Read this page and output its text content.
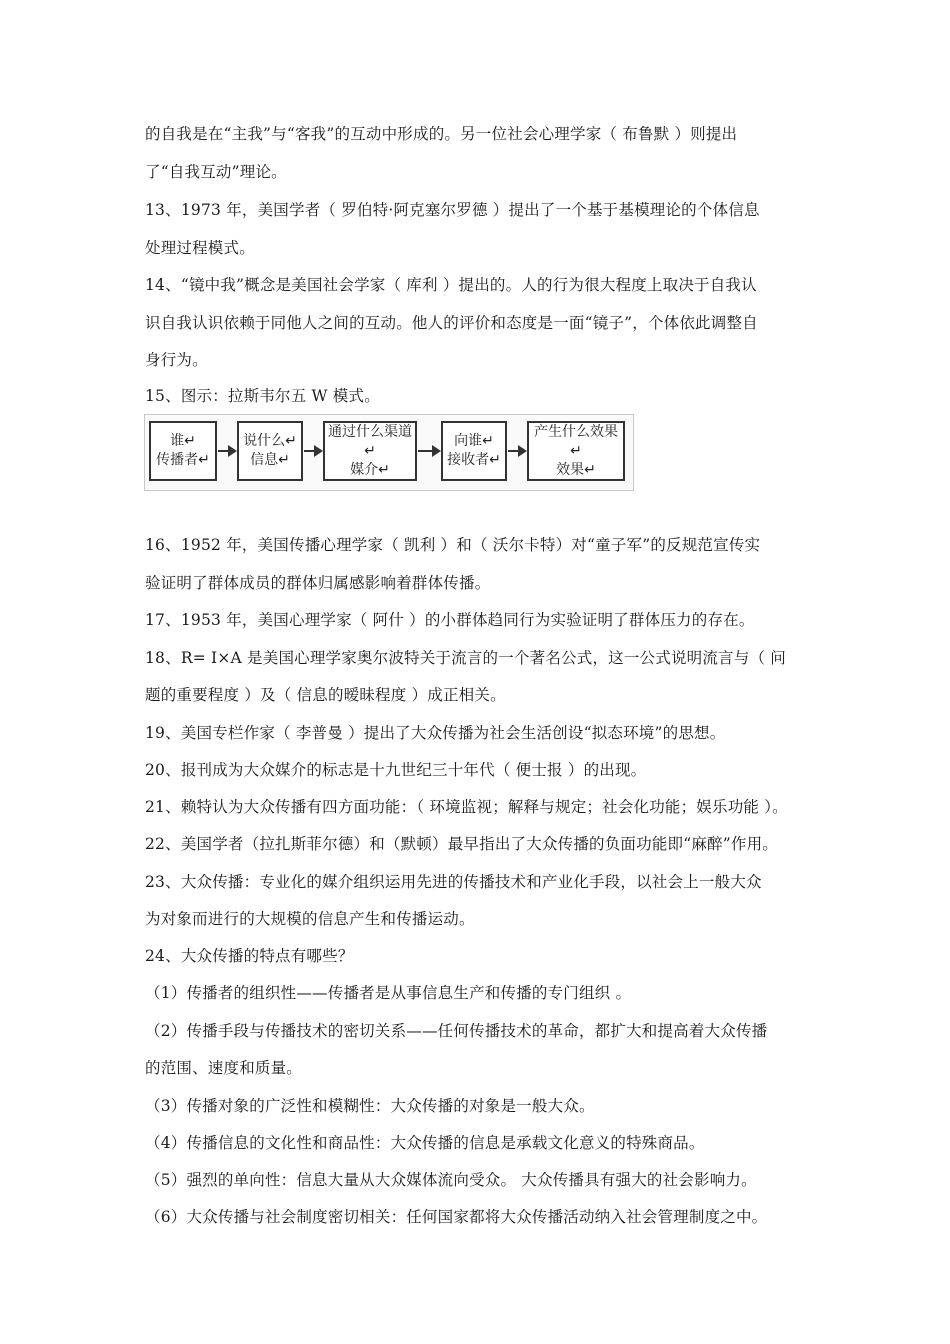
的自我是在“主我”与“客我”的互动中形成的。另一位社会心理学家（ 布鲁默 ）则提出
了“自我互动”理论。
13、1973 年，美国学者（ 罗伯特·阿克塞尔罗德 ）提出了一个基于基模理论的个体信息
处理过程模式。
14、“镜中我”概念是美国社会学家（ 库利 ）提出的。人的行为很大程度上取决于自我认
识自我认识依赖于同他人之间的互动。他人的评价和态度是一面“镜子”，个体依此调整自
身行为。
15、图示：拉斯韦尔五 W 模式。
谁↵
传播者↵
说什么↵
信息↵
通过什么渠道↵
媒介↵
向谁↵
接收者↵
产生什么效果↵
效果↵
16、1952 年，美国传播心理学家（ 凯利 ）和（ 沃尔卡特）对“童子军”的反规范宣传实
验证明了群体成员的群体归属感影响着群体传播。
17、1953 年，美国心理学家（ 阿什 ）的小群体趋同行为实验证明了群体压力的存在。
18、R= I×A 是美国心理学家奥尔波特关于流言的一个著名公式，这一公式说明流言与（ 问
题的重要程度 ）及（ 信息的暧昧程度 ）成正相关。
19、美国专栏作家（ 李普曼 ）提出了大众传播为社会生活创设“拟态环境”的思想。
20、报刊成为大众媒介的标志是十九世纪三十年代（ 便士报 ）的出现。
21、赖特认为大众传播有四方面功能：（ 环境监视；解释与规定；社会化功能；娱乐功能 ）。
22、美国学者（拉扎斯菲尔德）和（默顿）最早指出了大众传播的负面功能即“麻醉”作用。
23、大众传播：专业化的媒介组织运用先进的传播技术和产业化手段，以社会上一般大众
为对象而进行的大规模的信息产生和传播运动。
24、大众传播的特点有哪些？
（1）传播者的组织性——传播者是从事信息生产和传播的专门组织 。
（2）传播手段与传播技术的密切关系——任何传播技术的革命，都扩大和提高着大众传播
的范围、速度和质量。
（3）传播对象的广泛性和模糊性：大众传播的对象是一般大众。
（4）传播信息的文化性和商品性：大众传播的信息是承载文化意义的特殊商品。
（5）强烈的单向性：信息大量从大众媒体流向受众。 大众传播具有强大的社会影响力。
（6）大众传播与社会制度密切相关：任何国家都将大众传播活动纳入社会管理制度之中。
